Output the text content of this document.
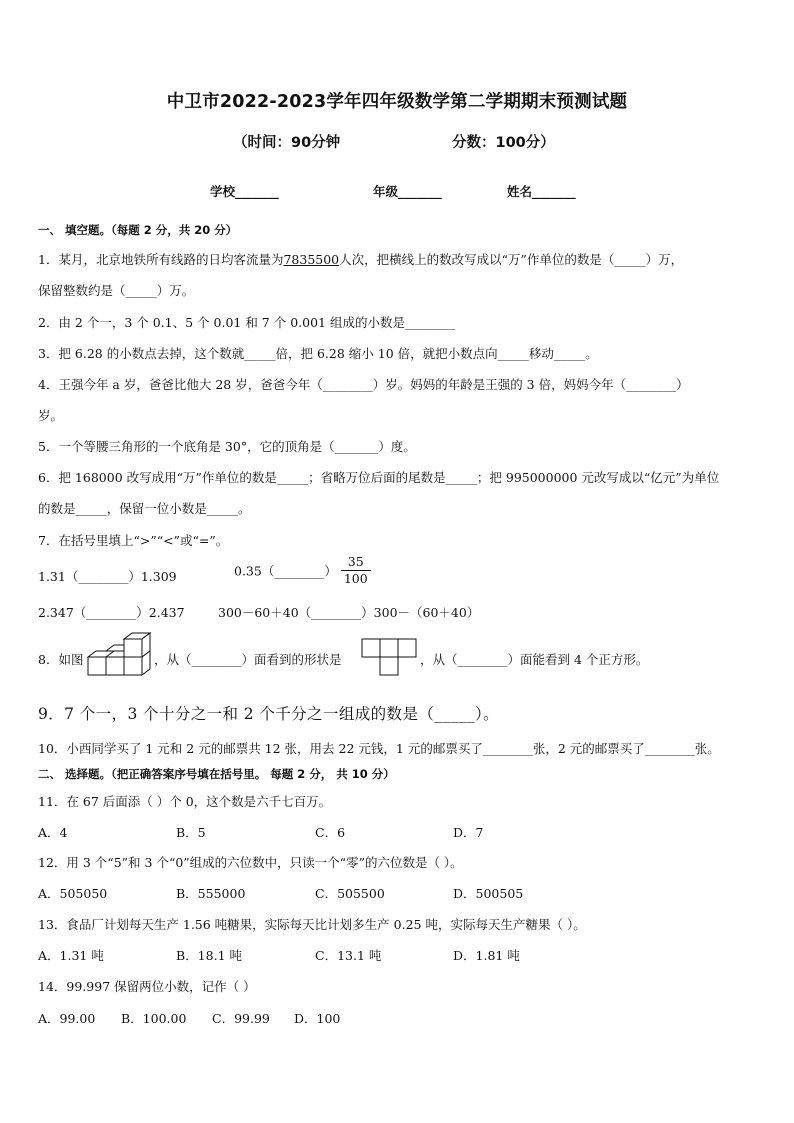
中卫市2022-2023学年四年级数学第二学期期末预测试题
（时间：90分钟	分数：100分）
学校_______	年级_______	姓名_______
一、 填空题。（每题 2 分，共 20 分）
1．某月，北京地铁所有线路的日均客流量为7835500人次，把横线上的数改写成以“万”作单位的数是（_____）万，
保留整数约是（_____）万。
2．由 2 个一，3 个 0.1、5 个 0.01 和 7 个 0.001 组成的小数是________
3．把 6.28 的小数点去掉，这个数就_____倍，把 6.28 缩小 10 倍，就把小数点向_____移动_____。
4．王强今年 a 岁，爸爸比他大 28 岁，爸爸今年（________）岁。妈妈的年龄是王强的 3 倍，妈妈今年（________）
岁。
5．一个等腰三角形的一个底角是 30°，它的顶角是（_______）度。
6．把 168000 改写成用“万”作单位的数是_____；省略万位后面的尾数是_____；把 995000000 元改写成以“亿元”为单位
的数是_____，保留一位小数是_____。
7．在括号里填上“>”“<”或“=”。
1.31（________）1.309	0.35（________） $\frac{35}{100}$
2.347（________）2.437	300－60＋40（________）300－（60＋40）
8．如图	，从（________）面看到的形状是	，从（________）面能看到 4 个正方形。
9．7 个一，3 个十分之一和 2 个千分之一组成的数是（_____）。
10．小西同学买了 1 元和 2 元的邮票共 12 张，用去 22 元钱，1 元的邮票买了________张，2 元的邮票买了________张。
二、 选择题。（把正确答案序号填在括号里。 每题 2 分， 共 10 分）
11．在 67 后面添（ ）个 0，这个数是六千七百万。
A．4	B．5	C．6	D．7
12．用 3 个“5”和 3 个“0”组成的六位数中，只读一个“零”的六位数是（ ）。
A．505050	B．555000	C．505500	D．500505
13．食品厂计划每天生产 1.56 吨糖果，实际每天比计划多生产 0.25 吨，实际每天生产糖果（ ）。
A．1.31 吨	B．18.1 吨	C．13.1 吨	D．1.81 吨
14．99.997 保留两位小数，记作（ ）
A．99.00 B．100.00 C．99.99 D．100
